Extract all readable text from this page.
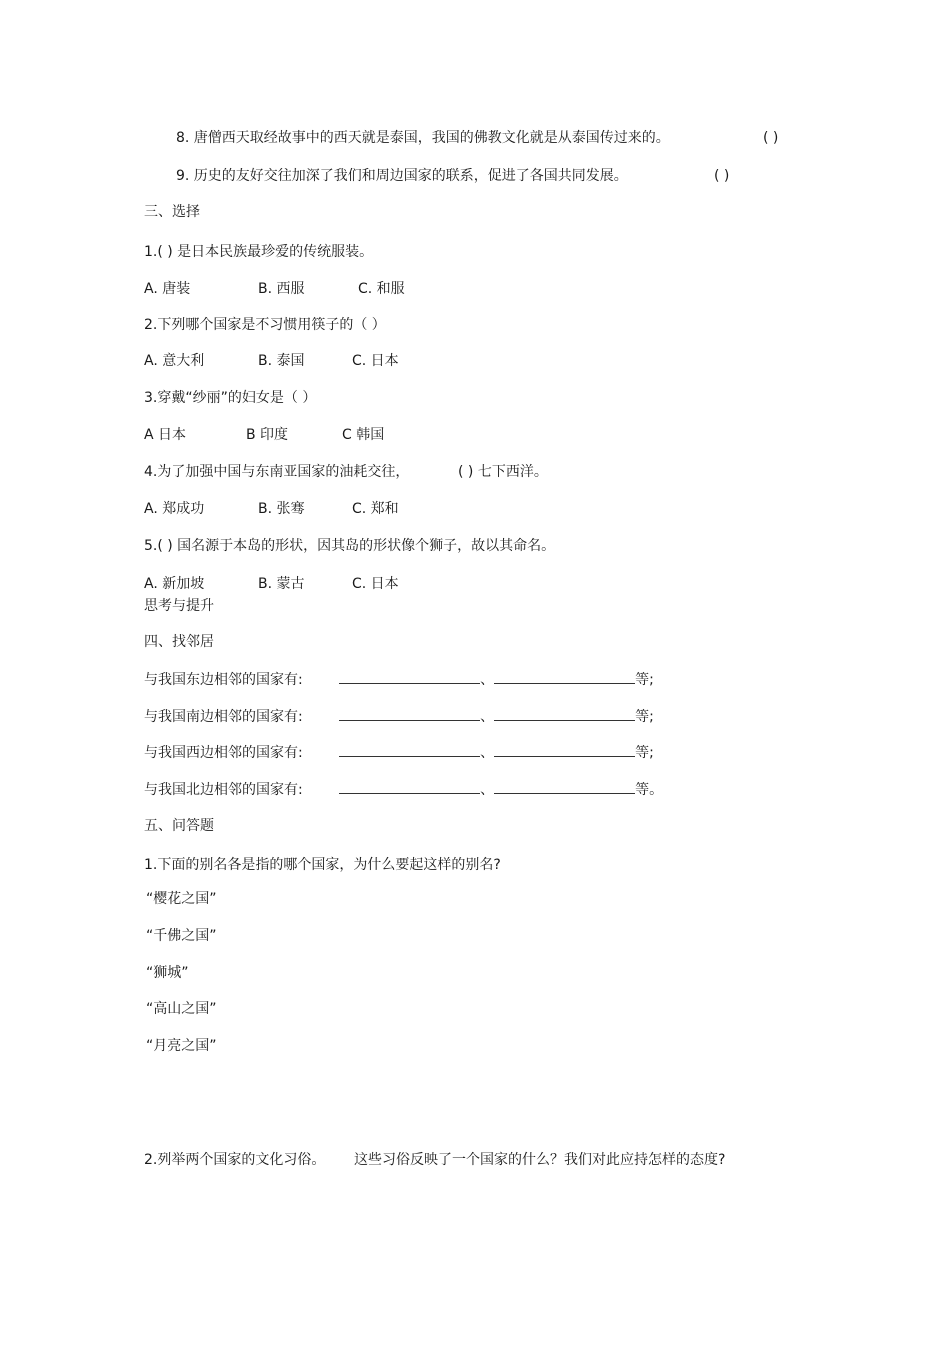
8. 唐僧西天取经故事中的西天就是泰国，我国的佛教文化就是从泰国传过来的。	( )
9. 历史的友好交往加深了我们和周边国家的联系，促进了各国共同发展。	( )
三、选择
1.( ) 是日本民族最珍爱的传统服装。
A. 唐装	B. 西服	C. 和服
2.下列哪个国家是不习惯用筷子的（ ）
A. 意大利	B. 泰国	C. 日本
3.穿戴“纱丽”的妇女是（ ）
A 日本	B 印度	C 韩国
4.为了加强中国与东南亚国家的油耗交往，	( ) 七下西洋。
A. 郑成功	B. 张骞	C. 郑和
5.( ) 国名源于本岛的形状，因其岛的形状像个狮子，故以其命名。
A. 新加坡	B. 蒙古	C. 日本
思考与提升
四、找邻居
与我国东边相邻的国家有:	、	等;
与我国南边相邻的国家有:	、	等;
与我国西边相邻的国家有:	、	等;
与我国北边相邻的国家有:	、	等。
五、问答题
1.下面的别名各是指的哪个国家，为什么要起这样的别名?
“樱花之国”
“千佛之国”
“狮城”
“高山之国”
“月亮之国”
2.列举两个国家的文化习俗。 这些习俗反映了一个国家的什么？我们对此应持怎样的态度?
